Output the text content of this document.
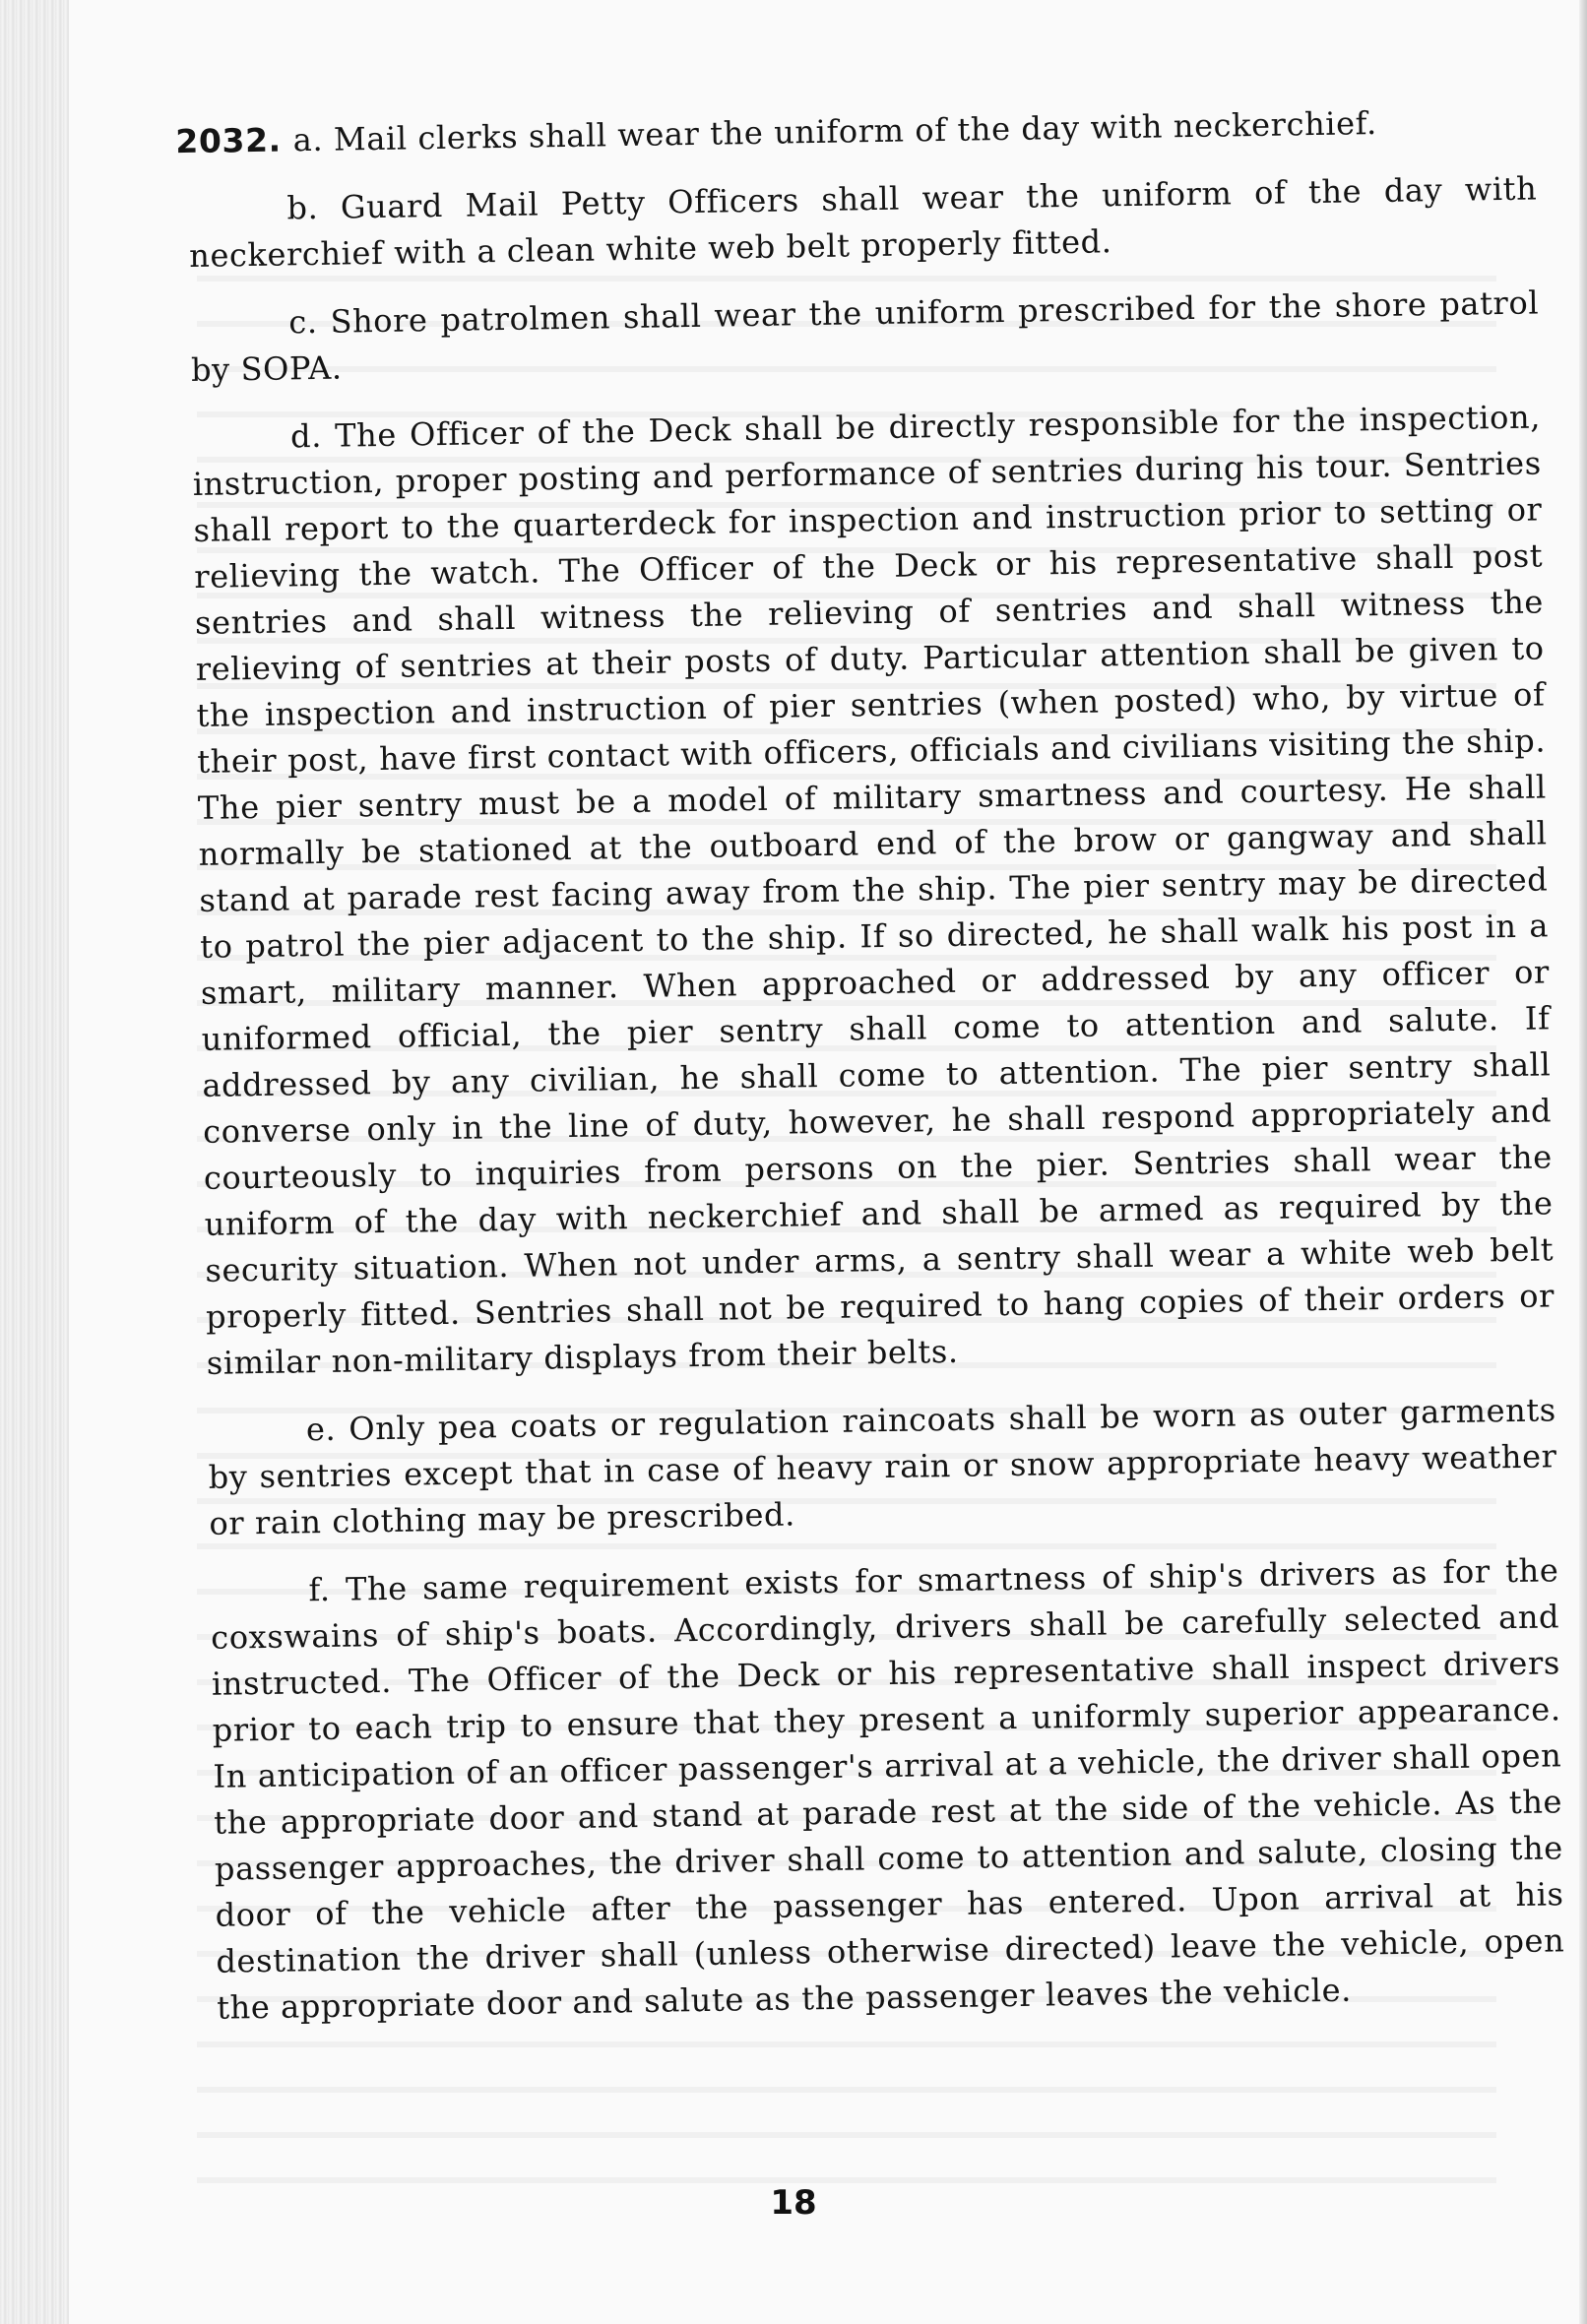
2032. a. Mail clerks shall wear the uniform of the day with neckerchief.

b. Guard Mail Petty Officers shall wear the uniform of the day with neckerchief with a clean white web belt properly fitted.

c. Shore patrolmen shall wear the uniform prescribed for the shore patrol by SOPA.

d. The Officer of the Deck shall be directly responsible for the inspection, instruction, proper posting and performance of sentries during his tour. Sentries shall report to the quarterdeck for inspection and instruction prior to setting or relieving the watch. The Officer of the Deck or his representative shall post sentries and shall witness the relieving of sentries and shall witness the relieving of sentries at their posts of duty. Particular attention shall be given to the inspection and instruction of pier sentries (when posted) who, by virtue of their post, have first contact with officers, officials and civilians visiting the ship. The pier sentry must be a model of military smartness and courtesy. He shall normally be stationed at the outboard end of the brow or gangway and shall stand at parade rest facing away from the ship. The pier sentry may be directed to patrol the pier adjacent to the ship. If so directed, he shall walk his post in a smart, military manner. When approached or addressed by any officer or uniformed official, the pier sentry shall come to attention and salute. If addressed by any civilian, he shall come to attention. The pier sentry shall converse only in the line of duty, however, he shall respond appropriately and courteously to inquiries from persons on the pier. Sentries shall wear the uniform of the day with neckerchief and shall be armed as required by the security situation. When not under arms, a sentry shall wear a white web belt properly fitted. Sentries shall not be required to hang copies of their orders or similar non-military displays from their belts.

e. Only pea coats or regulation raincoats shall be worn as outer garments by sentries except that in case of heavy rain or snow appropriate heavy weather or rain clothing may be prescribed.

f. The same requirement exists for smartness of ship's drivers as for the coxswains of ship's boats. Accordingly, drivers shall be carefully selected and instructed. The Officer of the Deck or his representative shall inspect drivers prior to each trip to ensure that they present a uniformly superior appearance. In anticipation of an officer passenger's arrival at a vehicle, the driver shall open the appropriate door and stand at parade rest at the side of the vehicle. As the passenger approaches, the driver shall come to attention and salute, closing the door of the vehicle after the passenger has entered. Upon arrival at his destination the driver shall (unless otherwise directed) leave the vehicle, open the appropriate door and salute as the passenger leaves the vehicle.

18
